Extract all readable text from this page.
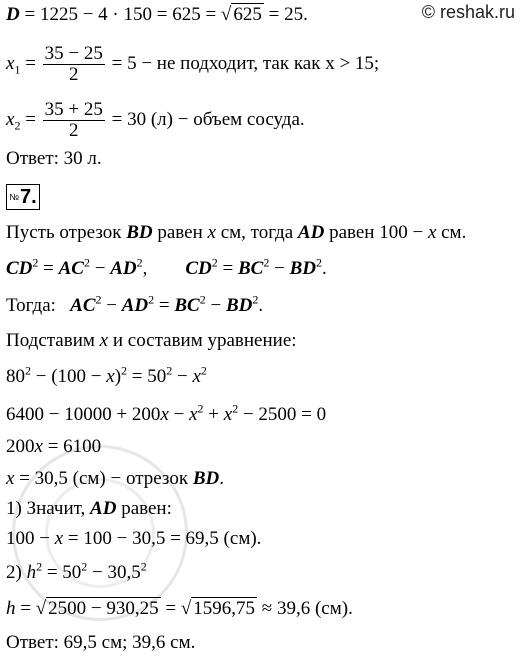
© reshak.ru
D = 1225 − 4 · 150 = 625 = √ 625 = 25.
$x_1 = \frac{35 - 25}{2} = 5$ − не подходит, так как x > 15;
$x_2 = \frac{35 + 25}{2} = 30$ (л) − объем сосуда.
Ответ: 30 л.
№ 7.
Пусть отрезок BD равен x см, тогда AD равен 100 − x см.
$CD^2 = AC^2 - AD^2$,        $CD^2 = BC^2 - BD^2$.
Тогда:   $AC^2 - AD^2 = BC^2 - BD^2$.
Подставим x и составим уравнение:
$80^2 - (100 - x)^2 = 50^2 - x^2$
$6400 - 10000 + 200x - x^2 + x^2 - 2500 = 0$
200x = 6100
x = 30,5 (см) − отрезок BD.
1) Значит, AD равен:
100 − x = 100 − 30,5 = 69,5 (см).
2) $h^2 = 50^2 - 30,5^2$
h = √ 2500 − 930,25 = √ 1596,75 ≈ 39,6 (см).
Ответ: 69,5 см; 39,6 см.
